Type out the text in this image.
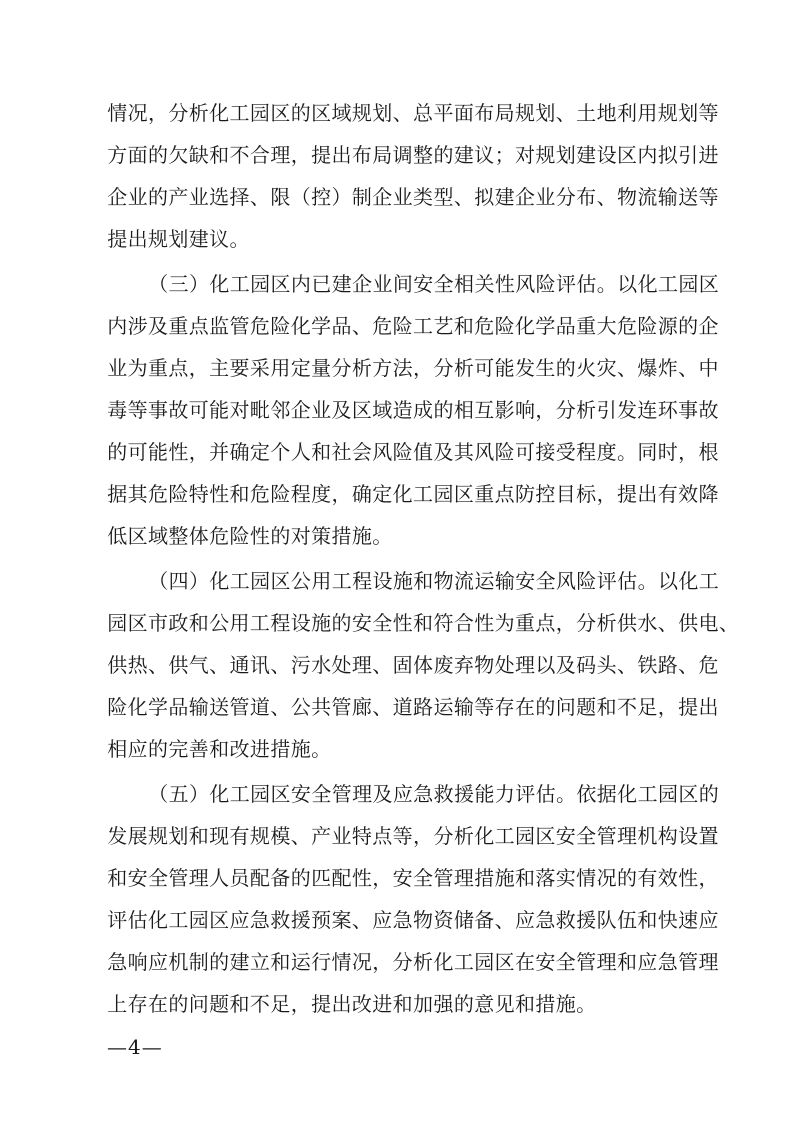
情况，分析化工园区的区域规划、总平面布局规划、土地利用规划等
方面的欠缺和不合理，提出布局调整的建议；对规划建设区内拟引进
企业的产业选择、限（控）制企业类型、拟建企业分布、物流输送等
提出规划建议。
（三）化工园区内已建企业间安全相关性风险评估。以化工园区
内涉及重点监管危险化学品、危险工艺和危险化学品重大危险源的企
业为重点，主要采用定量分析方法，分析可能发生的火灾、爆炸、中
毒等事故可能对毗邻企业及区域造成的相互影响，分析引发连环事故
的可能性，并确定个人和社会风险值及其风险可接受程度。同时，根
据其危险特性和危险程度，确定化工园区重点防控目标，提出有效降
低区域整体危险性的对策措施。
（四）化工园区公用工程设施和物流运输安全风险评估。以化工
园区市政和公用工程设施的安全性和符合性为重点，分析供水、供电、
供热、供气、通讯、污水处理、固体废弃物处理以及码头、铁路、危
险化学品输送管道、公共管廊、道路运输等存在的问题和不足，提出
相应的完善和改进措施。
（五）化工园区安全管理及应急救援能力评估。依据化工园区的
发展规划和现有规模、产业特点等，分析化工园区安全管理机构设置
和安全管理人员配备的匹配性，安全管理措施和落实情况的有效性，
评估化工园区应急救援预案、应急物资储备、应急救援队伍和快速应
急响应机制的建立和运行情况，分析化工园区在安全管理和应急管理
上存在的问题和不足，提出改进和加强的意见和措施。
—4—
